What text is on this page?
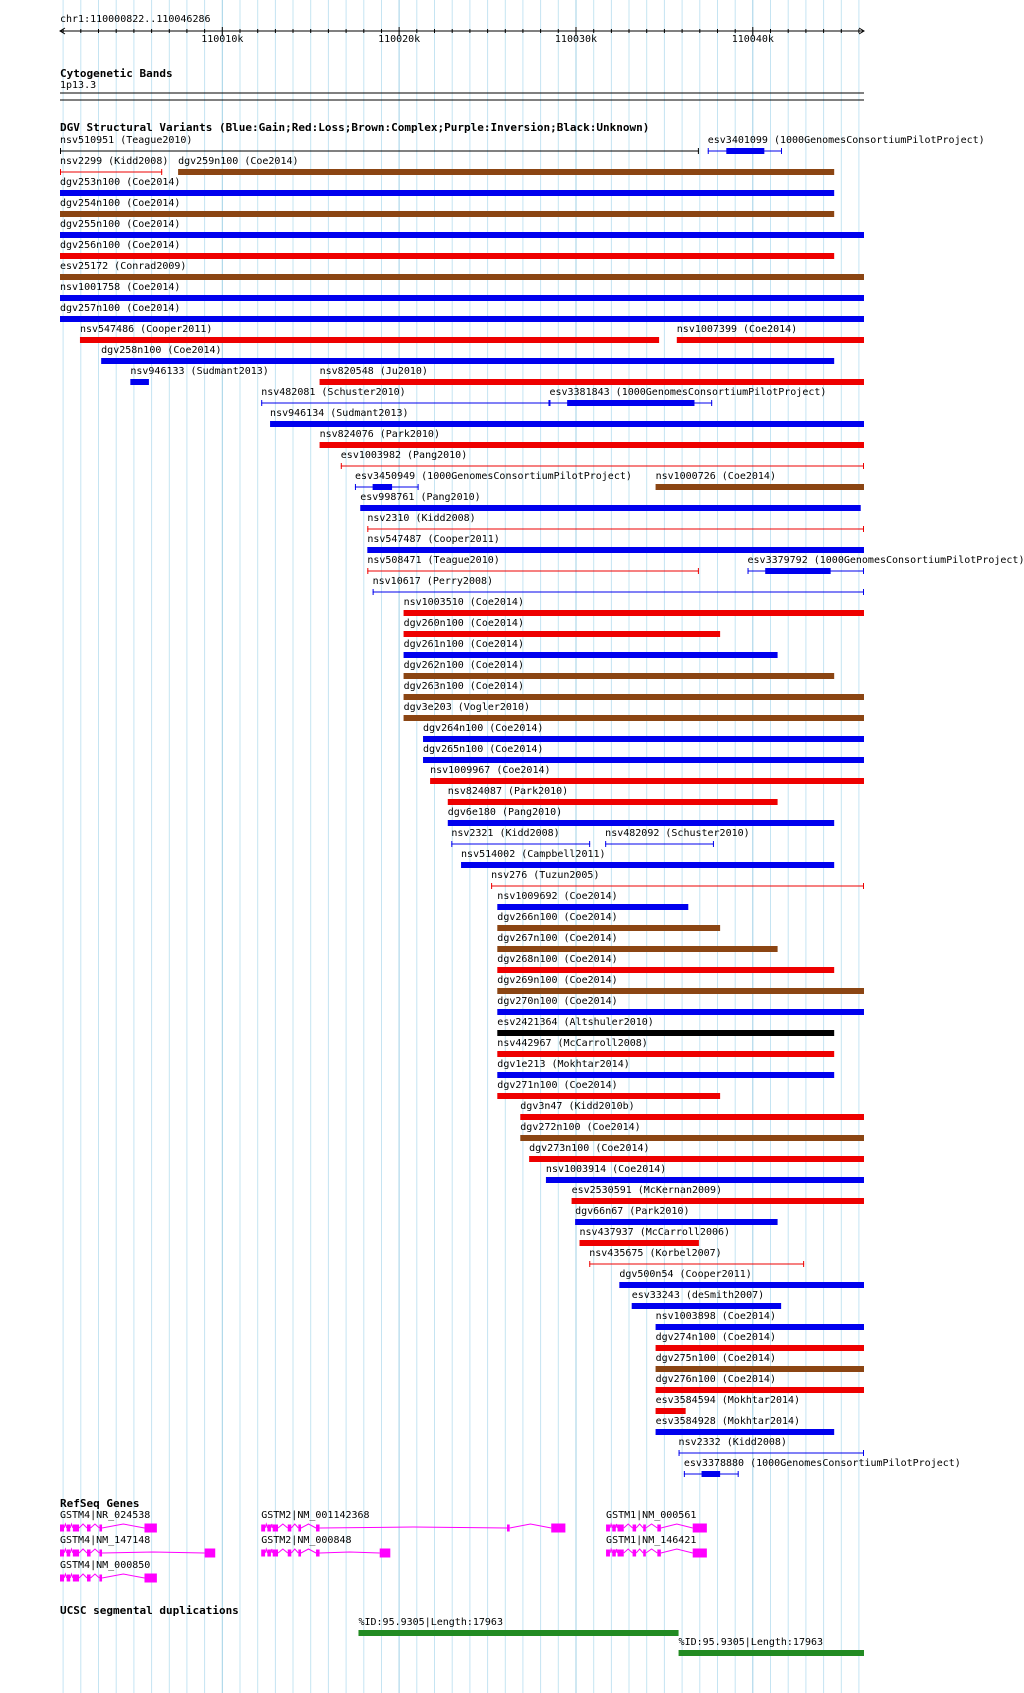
chr1:110000822..110046286
Cytogenetic Bands
1p13.3
DGV Structural Variants (Blue:Gain;Red:Loss;Brown:Complex;Purple:Inversion;Black:Unknown)
110010k	110020k	110030k	110040k
nsv510951 (Teague2010)	esv3401099 (1000GenomesConsortiumPilotProject)
nsv2299 (Kidd2008) dgv259n100 (Coe2014)
dgv253n100 (Coe2014)
dgv254n100 (Coe2014)
dgv255n100 (Coe2014)
dgv256n100 (Coe2014)
esv25172 (Conrad2009)
nsv1001758 (Coe2014)
dgv257n100 (Coe2014)
nsv547486 (Cooper2011)	nsv1007399 (Coe2014)
dgv258n100 (Coe2014)
nsv946133 (Sudmant2013)	nsv820548 (Ju2010)
nsv482081 (Schuster2010)	esv3381843 (1000GenomesConsortiumPilotProject)
nsv946134 (Sudmant2013)
nsv824076 (Park2010)
esv1003982 (Pang2010)
esv3450949 (1000GenomesConsortiumPilotProject) nsv1000726 (Coe2014)
esv998761 (Pang2010)
nsv2310 (Kidd2008)
nsv547487 (Cooper2011)
nsv508471 (Teague2010)	esv3379792 (1000GenomesConsortiumPilotProject)
nsv10617 (Perry2008)
nsv1003510 (Coe2014)
dgv260n100 (Coe2014)
dgv261n100 (Coe2014)
dgv262n100 (Coe2014)
dgv263n100 (Coe2014)
dgv3e203 (Vogler2010)
dgv264n100 (Coe2014)
dgv265n100 (Coe2014)
nsv1009967 (Coe2014)
nsv824087 (Park2010)
dgv6e180 (Pang2010)
nsv2321 (Kidd2008)	nsv482092 (Schuster2010)
nsv514002 (Campbell2011)
nsv276 (Tuzun2005)
nsv1009692 (Coe2014)
dgv266n100 (Coe2014)
dgv267n100 (Coe2014)
dgv268n100 (Coe2014)
dgv269n100 (Coe2014)
dgv270n100 (Coe2014)
esv2421364 (Altshuler2010)
nsv442967 (McCarroll2008)
dgv1e213 (Mokhtar2014)
dgv271n100 (Coe2014)
dgv3n47 (Kidd2010b)
dgv272n100 (Coe2014)
dgv273n100 (Coe2014)
nsv1003914 (Coe2014)
esv2530591 (McKernan2009)
dgv66n67 (Park2010)
nsv437937 (McCarroll2006)
nsv435675 (Korbel2007)
dgv500n54 (Cooper2011)
esv33243 (deSmith2007)
nsv1003898 (Coe2014)
dgv274n100 (Coe2014)
dgv275n100 (Coe2014)
dgv276n100 (Coe2014)
esv3584594 (Mokhtar2014)
esv3584928 (Mokhtar2014)
nsv2332 (Kidd2008)
esv3378880 (1000GenomesConsortiumPilotProject)
GSTM4|NR_024538	GSTM2|NM_001142368	GSTM1|NM_000561
GSTM4|NM_147148	GSTM2|NM_000848	GSTM1|NM_146421
GSTM4|NM_000850
%ID:95.9305|Length:17963
%ID:95.9305|Length:17963
RefSeq Genes
UCSC segmental duplications
